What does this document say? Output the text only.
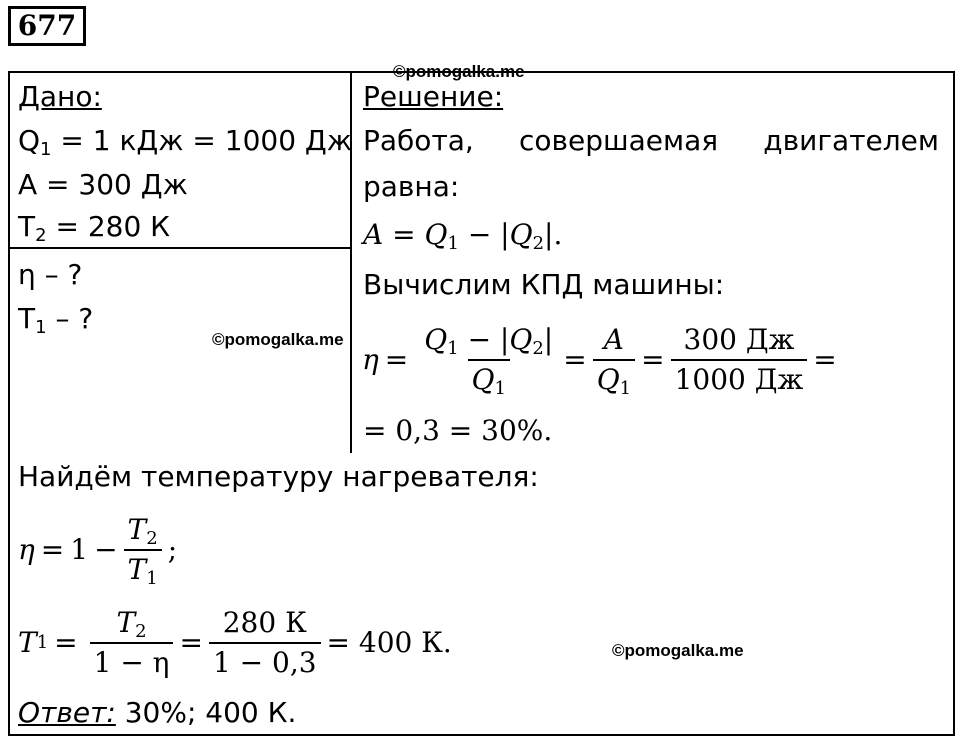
677
©pomogalka.me
©pomogalka.me
©pomogalka.me
Дано:
$Q_1 = 1$ кДж = 1000 Дж
A = 300 Дж
$T_2 = 280$ К
η – ?
$T_1$ – ?
Решение:
Работа, совершаемая двигателем
равна:
$A = Q_1 - |Q_2|$.
Вычислим КПД машины:
$\eta = \frac{Q_1 - |Q_2|}{Q_1} = \frac{A}{Q_1} = \frac{300 Дж}{1000 Дж}$ =
= 0,3 = 30%.
Найдём температуру нагревателя:
$\eta = 1 - \frac{T_2}{T_1}$ ;
T $1 = \frac{T_2}{1 - \eta} = \frac{280 К}{1 - 0,3} = 400$ К.
Ответ: 30%; 400 К.
